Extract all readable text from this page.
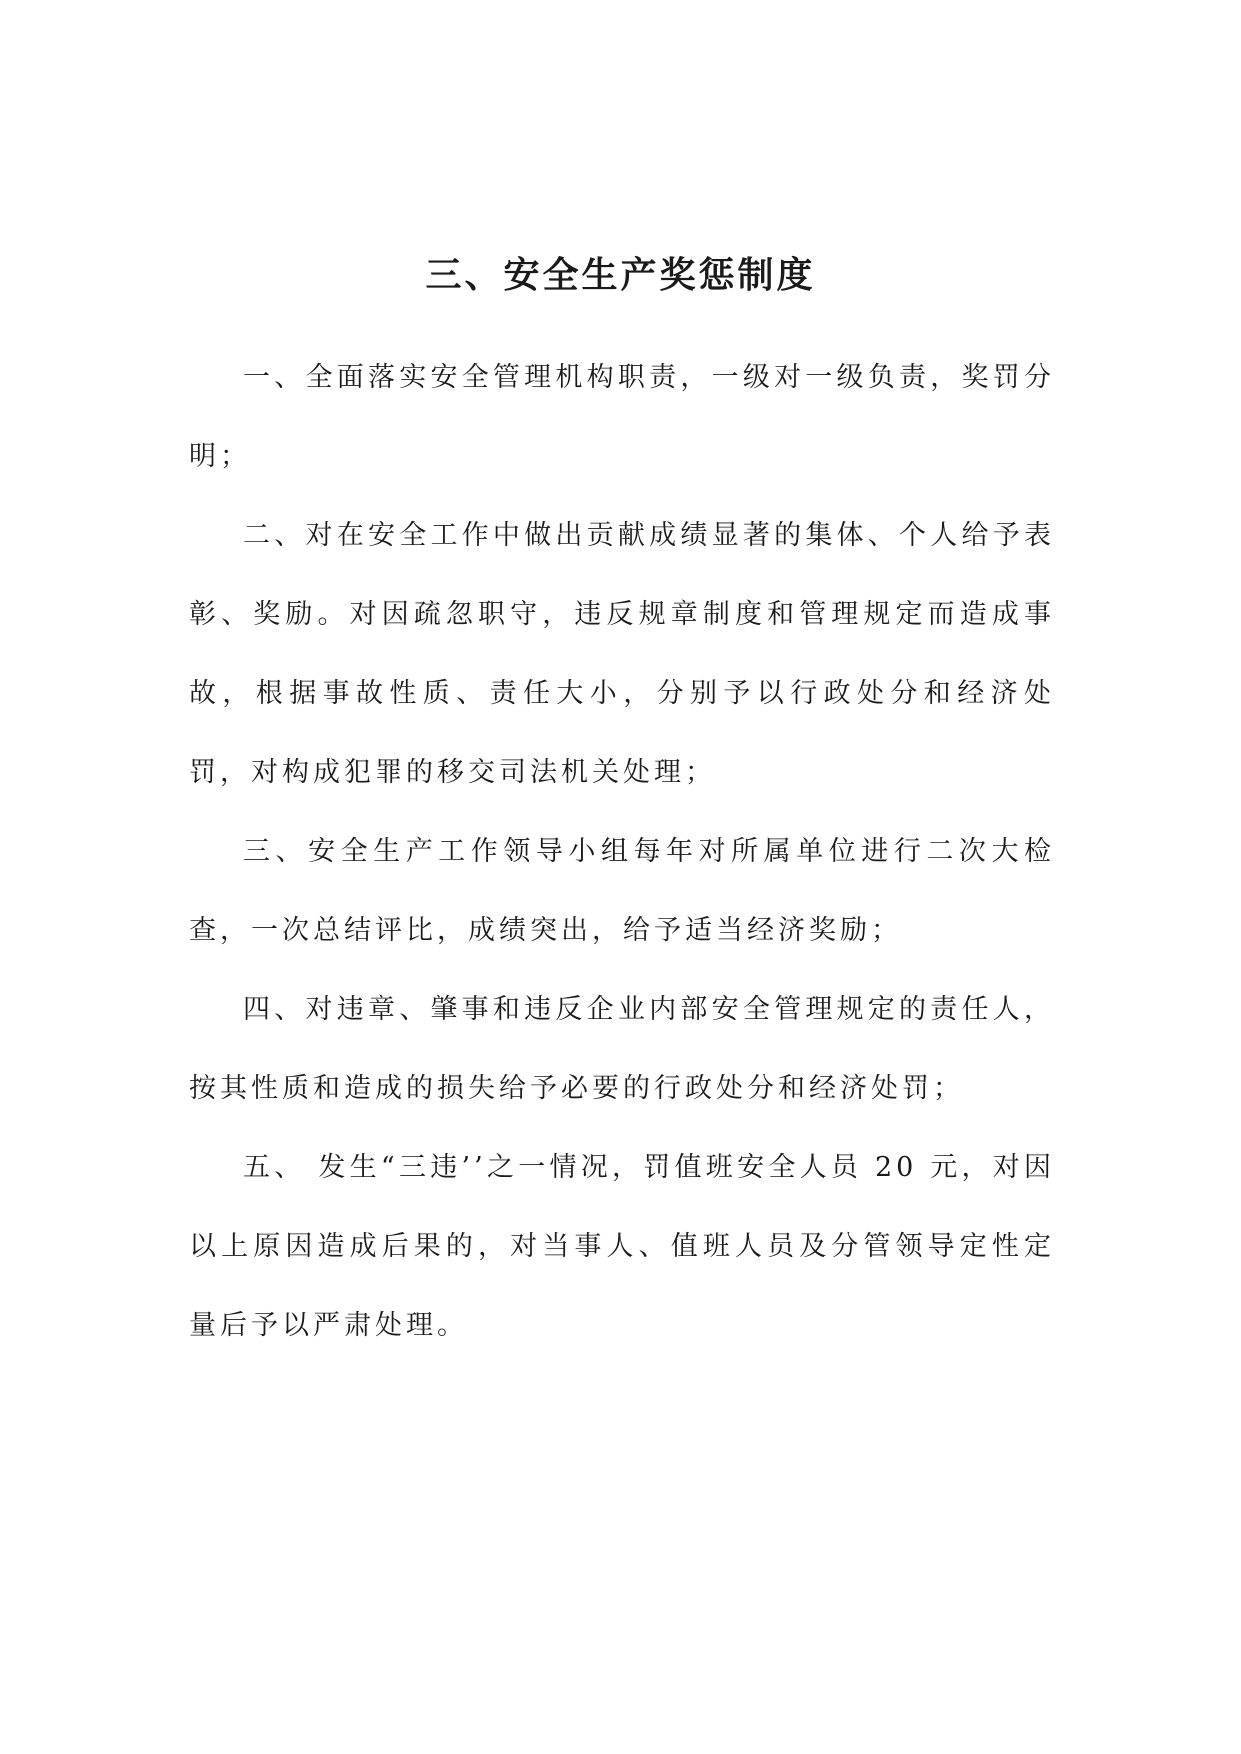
三、安全生产奖惩制度

一、全面落实安全管理机构职责，一级对一级负责，奖罚分明；

二、对在安全工作中做出贡献成绩显著的集体、个人给予表彰、奖励。对因疏忽职守，违反规章制度和管理规定而造成事故，根据事故性质、责任大小，分别予以行政处分和经济处罚，对构成犯罪的移交司法机关处理；

三、安全生产工作领导小组每年对所属单位进行二次大检查，一次总结评比，成绩突出，给予适当经济奖励；

四、对违章、肇事和违反企业内部安全管理规定的责任人，按其性质和造成的损失给予必要的行政处分和经济处罚；

五、 发生“三违’’之一情况，罚值班安全人员 20 元，对因以上原因造成后果的，对当事人、值班人员及分管领导定性定量后予以严肃处理。
